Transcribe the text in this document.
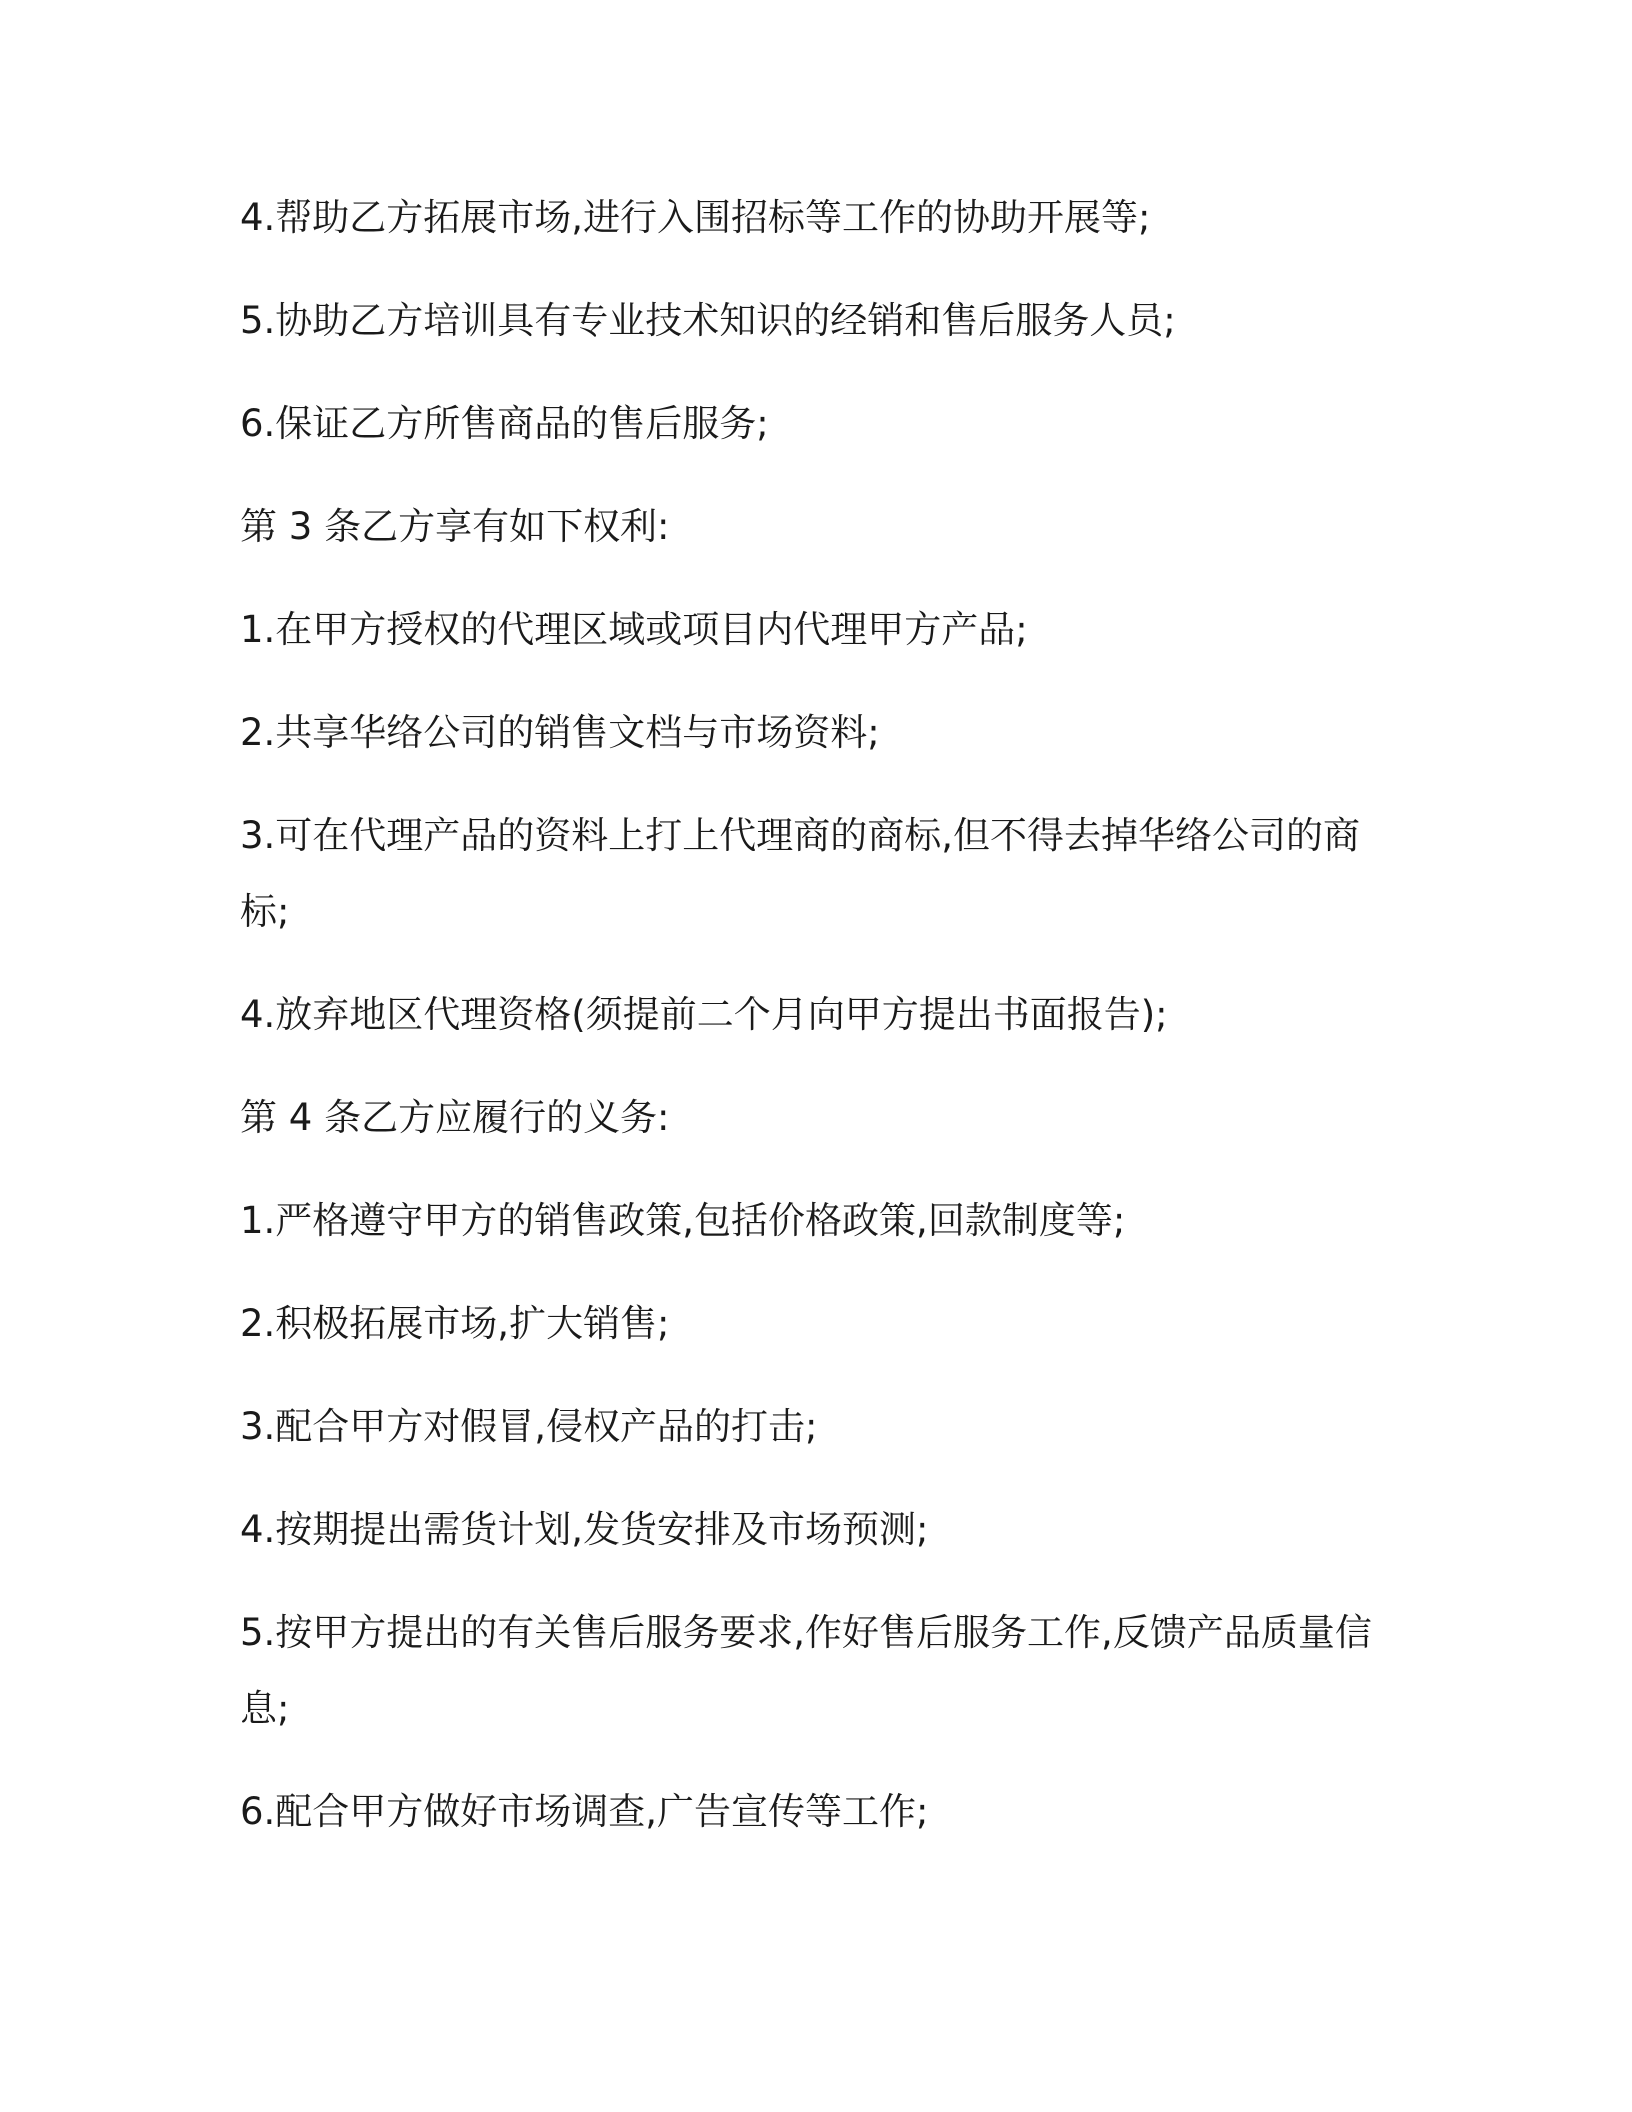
4.帮助乙方拓展市场,进行入围招标等工作的协助开展等;

5.协助乙方培训具有专业技术知识的经销和售后服务人员;

6.保证乙方所售商品的售后服务;

第 3 条乙方享有如下权利:

1.在甲方授权的代理区域或项目内代理甲方产品;

2.共享华络公司的销售文档与市场资料;

3.可在代理产品的资料上打上代理商的商标,但不得去掉华络公司的商

标;

4.放弃地区代理资格(须提前二个月向甲方提出书面报告);

第 4 条乙方应履行的义务:

1.严格遵守甲方的销售政策,包括价格政策,回款制度等;

2.积极拓展市场,扩大销售;

3.配合甲方对假冒,侵权产品的打击;

4.按期提出需货计划,发货安排及市场预测;

5.按甲方提出的有关售后服务要求,作好售后服务工作,反馈产品质量信

息;

6.配合甲方做好市场调查,广告宣传等工作;
